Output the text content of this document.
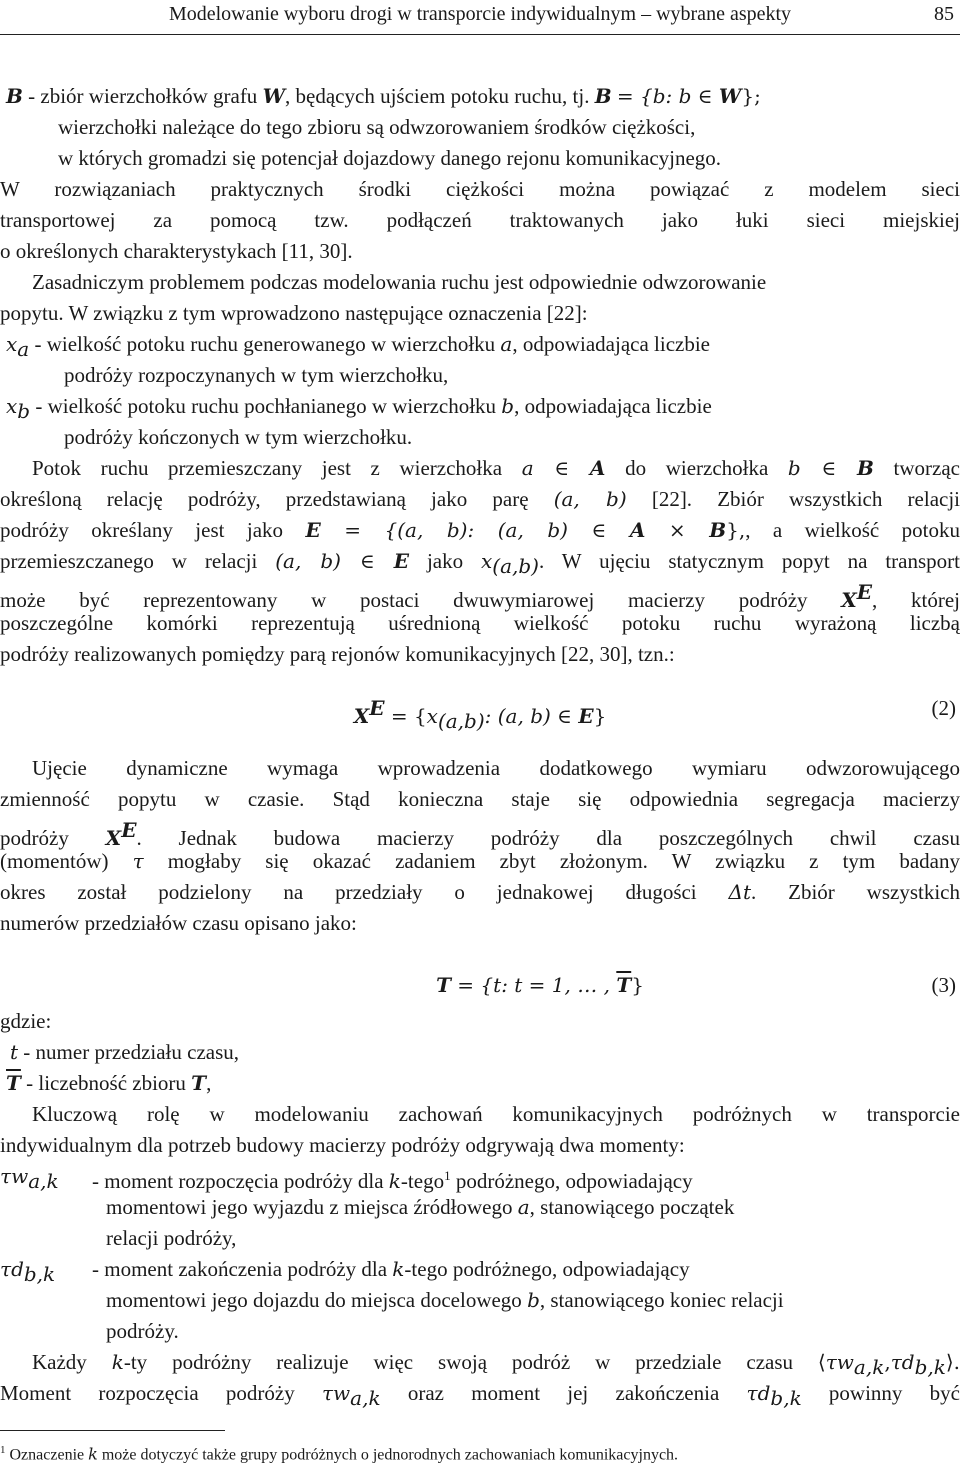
Modelowanie wyboru drogi w transporcie indywidualnym – wybrane aspekty	85
B - zbiór wierzchołków grafu W, będących ujściem potoku ruchu, tj. B = {b: b ∈ W};
wierzchołki należące do tego zbioru są odwzorowaniem środków ciężkości,
w których gromadzi się potencjał dojazdowy danego rejonu komunikacyjnego.
W rozwiązaniach praktycznych środki ciężkości można powiązać z modelem sieci
transportowej za pomocą tzw. podłączeń traktowanych jako łuki sieci miejskiej
o określonych charakterystykach [11, 30].
Zasadniczym problemem podczas modelowania ruchu jest odpowiednie odwzorowanie
popytu. W związku z tym wprowadzono następujące oznaczenia [22]:
$x_a$ - wielkość potoku ruchu generowanego w wierzchołku a, odpowiadająca liczbie
podróży rozpoczynanych w tym wierzchołku,
$x_b$ - wielkość potoku ruchu pochłanianego w wierzchołku b, odpowiadająca liczbie
podróży kończonych w tym wierzchołku.
Potok ruchu przemieszczany jest z wierzchołka a ∈ A do wierzchołka b ∈ B tworząc
określoną relację podróży, przedstawianą jako parę (a, b) [22]. Zbiór wszystkich relacji
podróży określany jest jako E = {(a, b): (a, b) ∈ A × B},, a wielkość potoku
przemieszczanego w relacji (a, b) ∈ E jako $x_{(a,b)}$. W ujęciu statycznym popyt na transport
może być reprezentowany w postaci dwuwymiarowej macierzy podróży $X^E$, której
poszczególne komórki reprezentują uśrednioną wielkość potoku ruchu wyrażoną liczbą
podróży realizowanych pomiędzy parą rejonów komunikacyjnych [22, 30], tzn.:
$X^E = \{x_{(a,b)}$: (a, b) ∈ E}	(2)
Ujęcie dynamiczne wymaga wprowadzenia dodatkowego wymiaru odwzorowującego
zmienność popytu w czasie. Stąd konieczna staje się odpowiednia segregacja macierzy
podróży $X^E$. Jednak budowa macierzy podróży dla poszczególnych chwil czasu
(momentów) τ mogłaby się okazać zadaniem zbyt złożonym. W związku z tym badany
okres został podzielony na przedziały o jednakowej długości Δt. Zbiór wszystkich
numerów przedziałów czasu opisano jako:
T = {t: t = 1, … , $\overline{T}$}	(3)
gdzie:
t - numer przedziału czasu,
$\overline{T}$ - liczebność zbioru T,
Kluczową rolę w modelowaniu zachowań komunikacyjnych podróżnych w transporcie
indywidualnym dla potrzeb budowy macierzy podróży odgrywają dwa momenty:
$\tau w_{a,k}$ - moment rozpoczęcia podróży dla k-tego$^1$ podróżnego, odpowiadający
momentowi jego wyjazdu z miejsca źródłowego a, stanowiącego początek
relacji podróży,
$\tau d_{b,k}$ - moment zakończenia podróży dla k-tego podróżnego, odpowiadający
momentowi jego dojazdu do miejsca docelowego b, stanowiącego koniec relacji
podróży.
Każdy k-ty podróżny realizuje więc swoją podróż w przedziale czasu $⟨\tau w_{a,k},\tau d_{b,k}⟩$.
Moment rozpoczęcia podróży $\tau w_{a,k}$ oraz moment jej zakończenia $\tau d_{b,k}$ powinny być
$^1$ Oznaczenie k może dotyczyć także grupy podróżnych o jednorodnych zachowaniach komunikacyjnych.
